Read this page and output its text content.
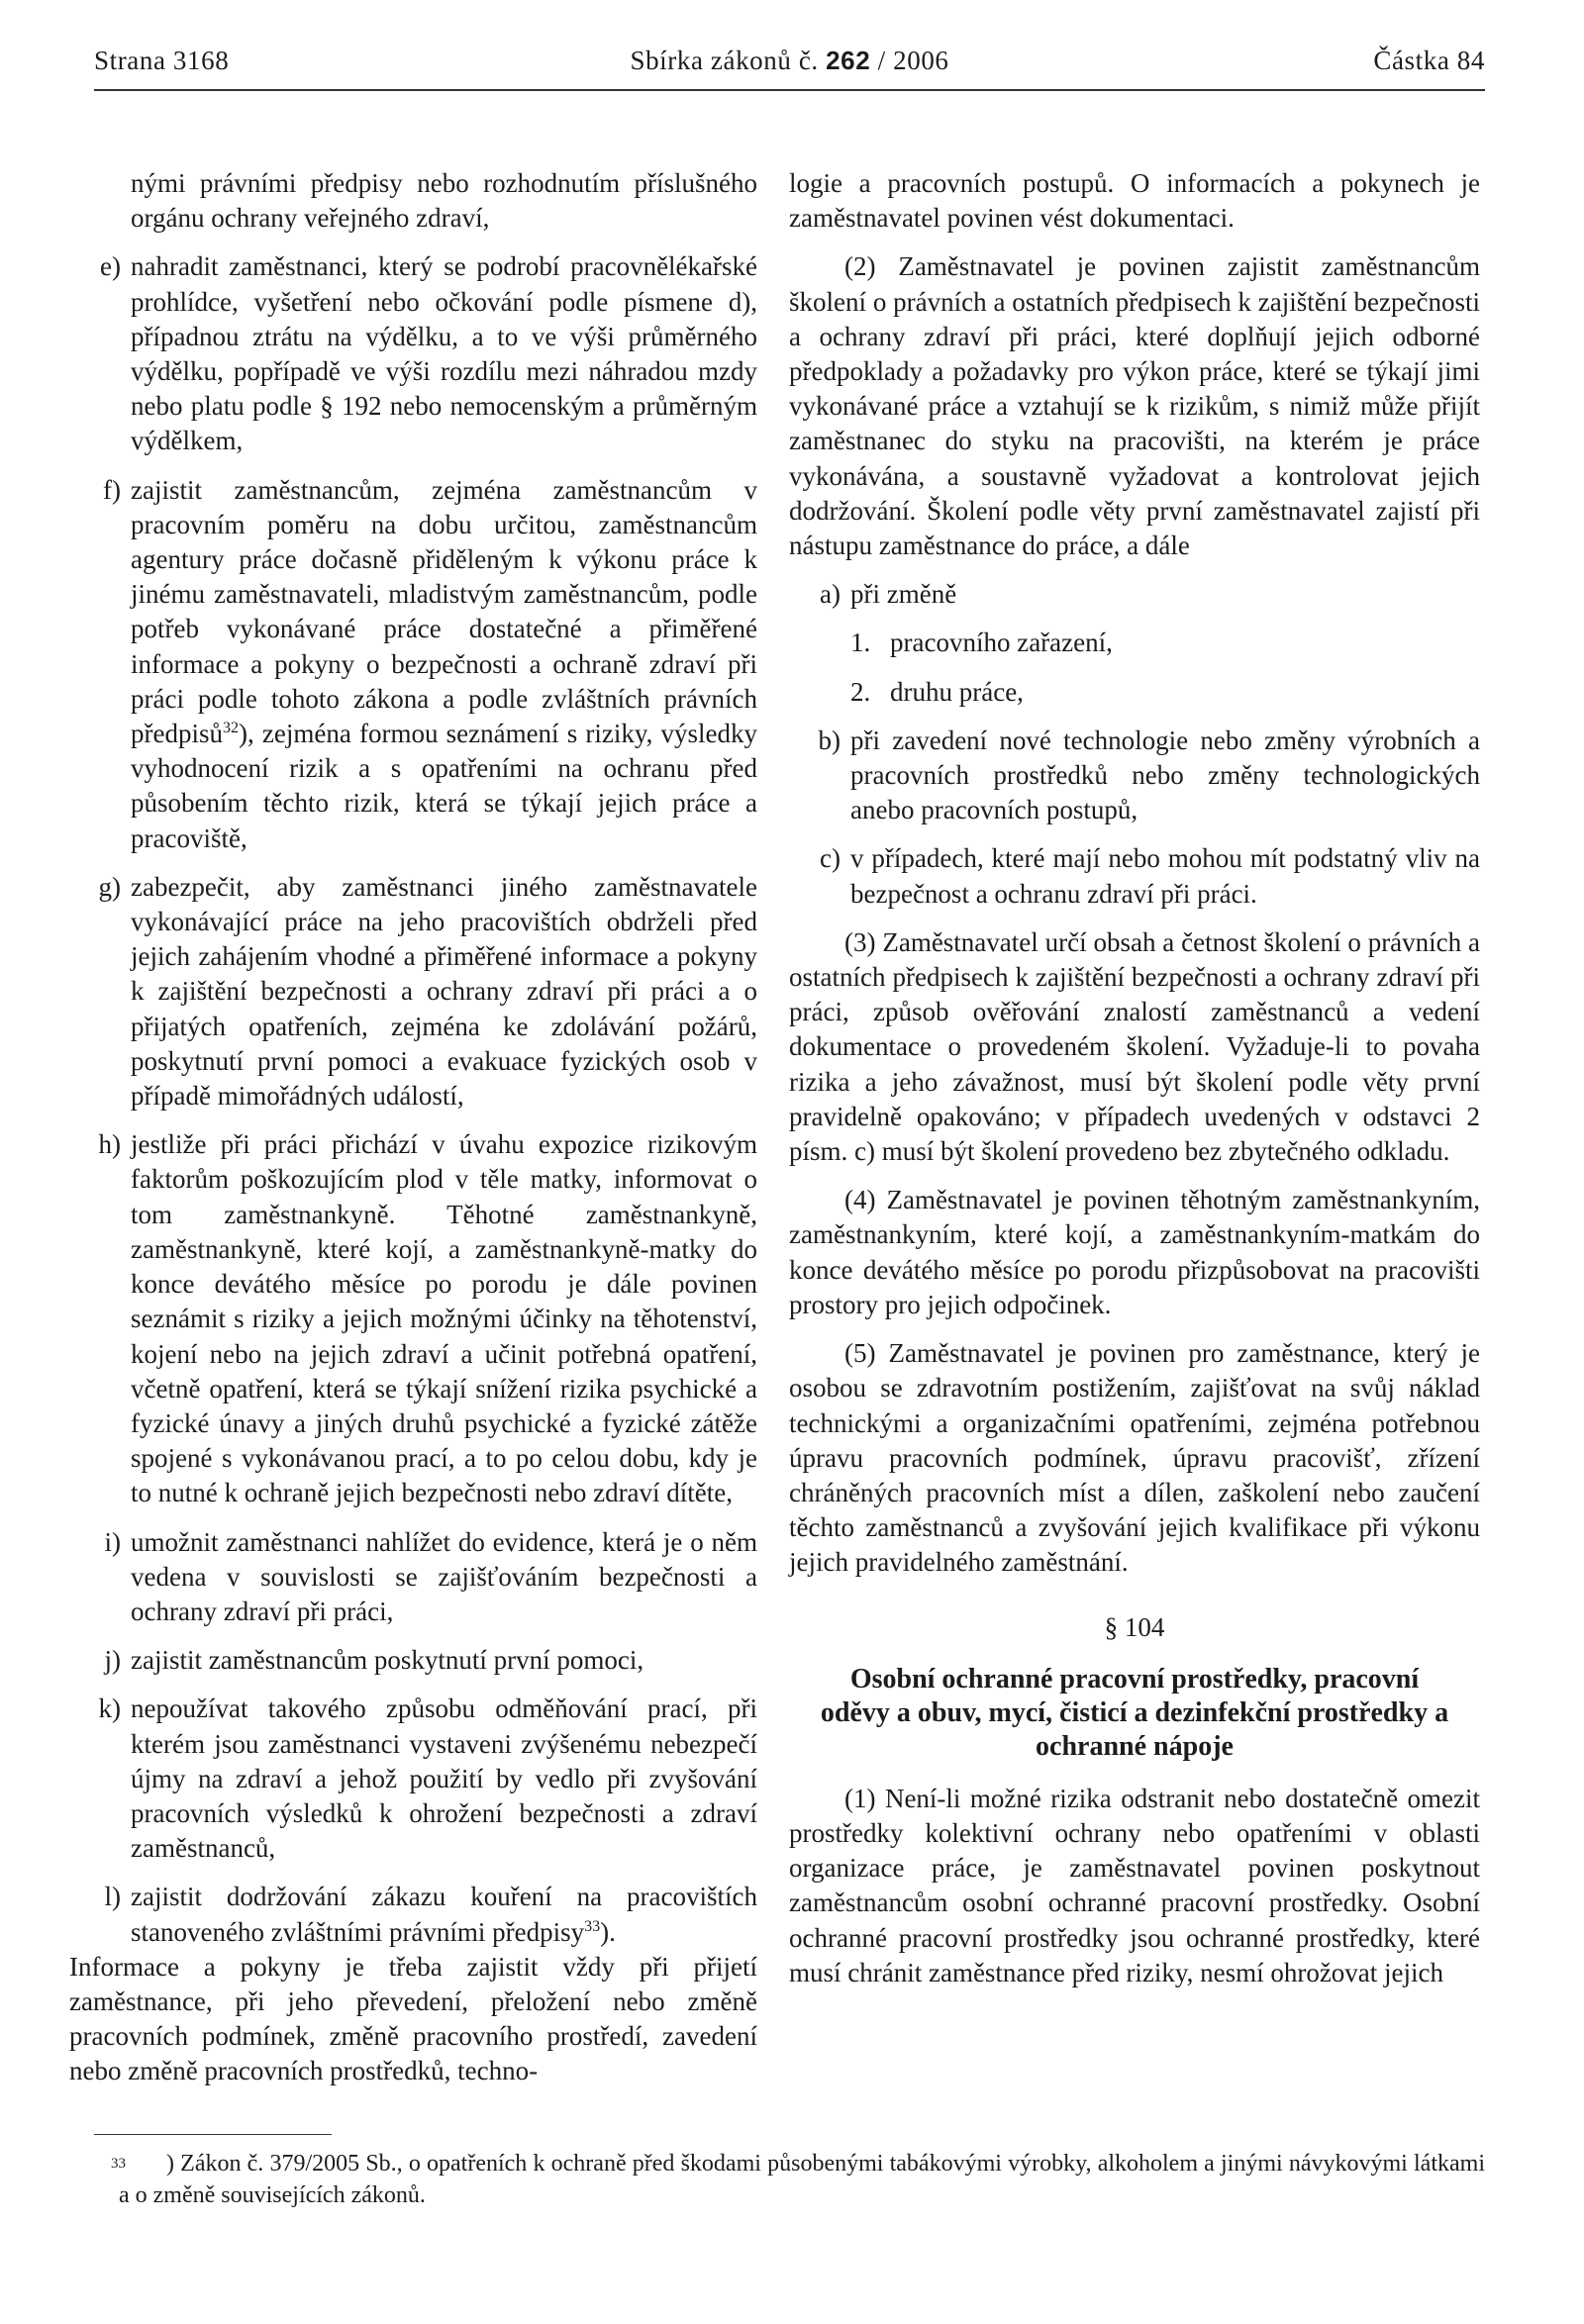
Strana 3168	Sbírka zákonů č. 262 / 2006	Částka 84

nými právními předpisy nebo rozhodnutím příslušného orgánu ochrany veřejného zdraví,

e) nahradit zaměstnanci, který se podrobí pracovnělékařské prohlídce, vyšetření nebo očkování podle písmene d), případnou ztrátu na výdělku, a to ve výši průměrného výdělku, popřípadě ve výši rozdílu mezi náhradou mzdy nebo platu podle § 192 nebo nemocenským a průměrným výdělkem,
f) zajistit zaměstnancům, zejména zaměstnancům v pracovním poměru na dobu určitou, zaměstnancům agentury práce dočasně přiděleným k výkonu práce k jinému zaměstnavateli, mladistvým zaměstnancům, podle potřeb vykonávané práce dostatečné a přiměřené informace a pokyny o bezpečnosti a ochraně zdraví při práci podle tohoto zákona a podle zvláštních právních předpisů$^{32}$), zejména formou seznámení s riziky, výsledky vyhodnocení rizik a s opatřeními na ochranu před působením těchto rizik, která se týkají jejich práce a pracoviště,
g) zabezpečit, aby zaměstnanci jiného zaměstnavatele vykonávající práce na jeho pracovištích obdrželi před jejich zahájením vhodné a přiměřené informace a pokyny k zajištění bezpečnosti a ochrany zdraví při práci a o přijatých opatřeních, zejména ke zdolávání požárů, poskytnutí první pomoci a evakuace fyzických osob v případě mimořádných událostí,
h) jestliže při práci přichází v úvahu expozice rizikovým faktorům poškozujícím plod v těle matky, informovat o tom zaměstnankyně. Těhotné zaměstnankyně, zaměstnankyně, které kojí, a zaměstnankyně-matky do konce devátého měsíce po porodu je dále povinen seznámit s riziky a jejich možnými účinky na těhotenství, kojení nebo na jejich zdraví a učinit potřebná opatření, včetně opatření, která se týkají snížení rizika psychické a fyzické únavy a jiných druhů psychické a fyzické zátěže spojené s vykonávanou prací, a to po celou dobu, kdy je to nutné k ochraně jejich bezpečnosti nebo zdraví dítěte,
i) umožnit zaměstnanci nahlížet do evidence, která je o něm vedena v souvislosti se zajišťováním bezpečnosti a ochrany zdraví při práci,
j) zajistit zaměstnancům poskytnutí první pomoci,
k) nepoužívat takového způsobu odměňování prací, při kterém jsou zaměstnanci vystaveni zvýšenému nebezpečí újmy na zdraví a jehož použití by vedlo při zvyšování pracovních výsledků k ohrožení bezpečnosti a zdraví zaměstnanců,
l) zajistit dodržování zákazu kouření na pracovištích stanoveného zvláštními právními předpisy$^{33}$).

Informace a pokyny je třeba zajistit vždy při přijetí zaměstnance, při jeho převedení, přeložení nebo změně pracovních podmínek, změně pracovního prostředí, zavedení nebo změně pracovních prostředků, techno-

logie a pracovních postupů. O informacích a pokynech je zaměstnavatel povinen vést dokumentaci.

(2) Zaměstnavatel je povinen zajistit zaměstnancům školení o právních a ostatních předpisech k zajištění bezpečnosti a ochrany zdraví při práci, které doplňují jejich odborné předpoklady a požadavky pro výkon práce, které se týkají jimi vykonávané práce a vztahují se k rizikům, s nimiž může přijít zaměstnanec do styku na pracovišti, na kterém je práce vykonávána, a soustavně vyžadovat a kontrolovat jejich dodržování. Školení podle věty první zaměstnavatel zajistí při nástupu zaměstnance do práce, a dále

a) při změně
1. pracovního zařazení,
2. druhu práce,
b) při zavedení nové technologie nebo změny výrobních a pracovních prostředků nebo změny technologických anebo pracovních postupů,
c) v případech, které mají nebo mohou mít podstatný vliv na bezpečnost a ochranu zdraví při práci.

(3) Zaměstnavatel určí obsah a četnost školení o právních a ostatních předpisech k zajištění bezpečnosti a ochrany zdraví při práci, způsob ověřování znalostí zaměstnanců a vedení dokumentace o provedeném školení. Vyžaduje-li to povaha rizika a jeho závažnost, musí být školení podle věty první pravidelně opakováno; v případech uvedených v odstavci 2 písm. c) musí být školení provedeno bez zbytečného odkladu.

(4) Zaměstnavatel je povinen těhotným zaměstnankyním, zaměstnankyním, které kojí, a zaměstnankyním-matkám do konce devátého měsíce po porodu přizpůsobovat na pracovišti prostory pro jejich odpočinek.

(5) Zaměstnavatel je povinen pro zaměstnance, který je osobou se zdravotním postižením, zajišťovat na svůj náklad technickými a organizačními opatřeními, zejména potřebnou úpravu pracovních podmínek, úpravu pracovišť, zřízení chráněných pracovních míst a dílen, zaškolení nebo zaučení těchto zaměstnanců a zvyšování jejich kvalifikace při výkonu jejich pravidelného zaměstnání.

§ 104
Osobní ochranné pracovní prostředky, pracovní oděvy a obuv, mycí, čisticí a dezinfekční prostředky a ochranné nápoje

(1) Není-li možné rizika odstranit nebo dostatečně omezit prostředky kolektivní ochrany nebo opatřeními v oblasti organizace práce, je zaměstnavatel povinen poskytnout zaměstnancům osobní ochranné pracovní prostředky. Osobní ochranné pracovní prostředky jsou ochranné prostředky, které musí chránit zaměstnance před riziky, nesmí ohrožovat jejich

33 ) Zákon č. 379/2005 Sb., o opatřeních k ochraně před škodami působenými tabákovými výrobky, alkoholem a jinými návykovými látkami a o změně souvisejících zákonů.
